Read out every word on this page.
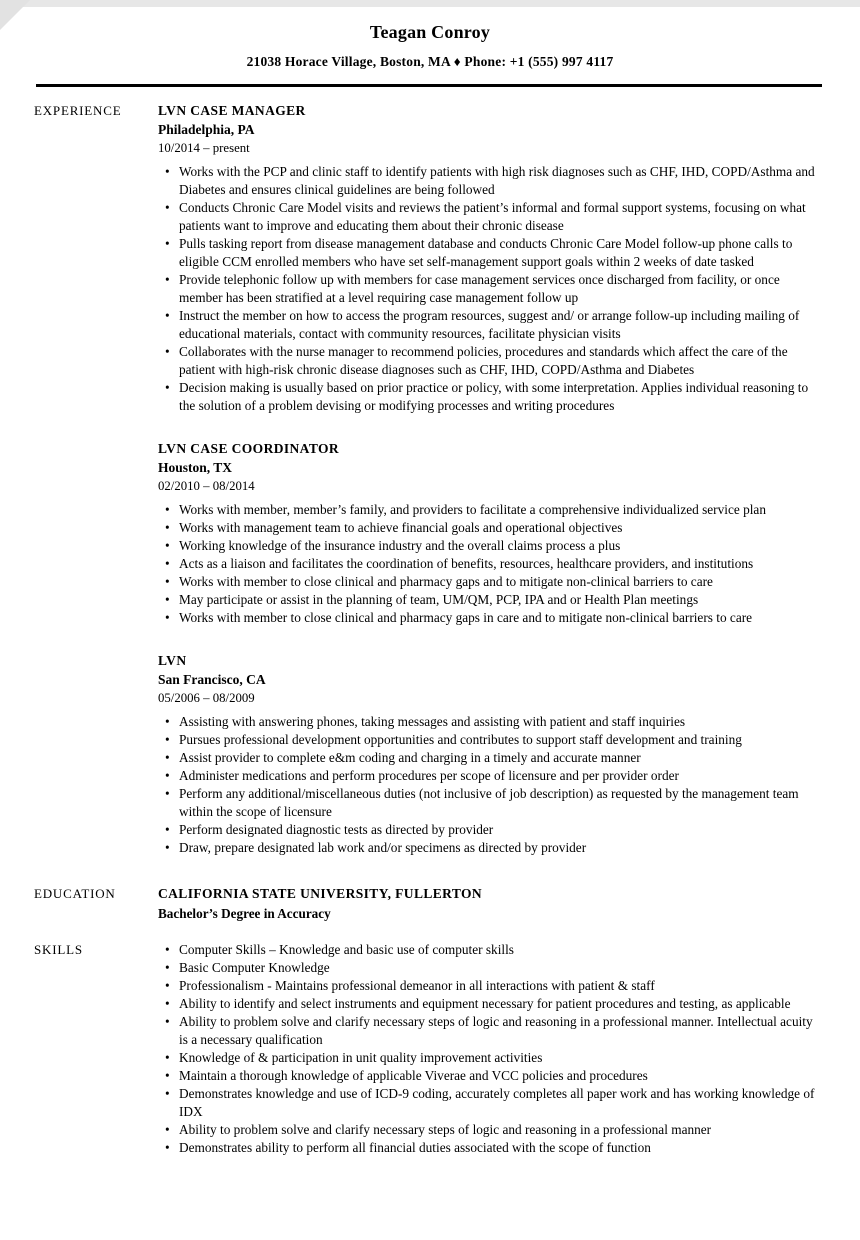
Teagan Conroy
21038 Horace Village, Boston, MA ♦ Phone: +1 (555) 997 4117
EXPERIENCE	LVN CASE MANAGER
Philadelphia, PA
10/2014 – present
• Works with the PCP and clinic staff to identify patients with high risk diagnoses such as CHF, IHD, COPD/Asthma and Diabetes and ensures clinical guidelines are being followed
• Conducts Chronic Care Model visits and reviews the patient’s informal and formal support systems, focusing on what patients want to improve and educating them about their chronic disease
• Pulls tasking report from disease management database and conducts Chronic Care Model follow-up phone calls to eligible CCM enrolled members who have set self-management support goals within 2 weeks of date tasked
• Provide telephonic follow up with members for case management services once discharged from facility, or once member has been stratified at a level requiring case management follow up
• Instruct the member on how to access the program resources, suggest and/ or arrange follow-up including mailing of educational materials, contact with community resources, facilitate physician visits
• Collaborates with the nurse manager to recommend policies, procedures and standards which affect the care of the patient with high-risk chronic disease diagnoses such as CHF, IHD, COPD/Asthma and Diabetes
• Decision making is usually based on prior practice or policy, with some interpretation. Applies individual reasoning to the solution of a problem devising or modifying processes and writing procedures
LVN CASE COORDINATOR
Houston, TX
02/2010 – 08/2014
• Works with member, member’s family, and providers to facilitate a comprehensive individualized service plan
• Works with management team to achieve financial goals and operational objectives
• Working knowledge of the insurance industry and the overall claims process a plus
• Acts as a liaison and facilitates the coordination of benefits, resources, healthcare providers, and institutions
• Works with member to close clinical and pharmacy gaps and to mitigate non-clinical barriers to care
• May participate or assist in the planning of team, UM/QM, PCP, IPA and or Health Plan meetings
• Works with member to close clinical and pharmacy gaps in care and to mitigate non-clinical barriers to care
LVN
San Francisco, CA
05/2006 – 08/2009
• Assisting with answering phones, taking messages and assisting with patient and staff inquiries
• Pursues professional development opportunities and contributes to support staff development and training
• Assist provider to complete e&m coding and charging in a timely and accurate manner
• Administer medications and perform procedures per scope of licensure and per provider order
• Perform any additional/miscellaneous duties (not inclusive of job description) as requested by the management team within the scope of licensure
• Perform designated diagnostic tests as directed by provider
• Draw, prepare designated lab work and/or specimens as directed by provider
EDUCATION	CALIFORNIA STATE UNIVERSITY, FULLERTON
Bachelor’s Degree in Accuracy
SKILLS	• Computer Skills – Knowledge and basic use of computer skills
• Basic Computer Knowledge
• Professionalism - Maintains professional demeanor in all interactions with patient & staff
• Ability to identify and select instruments and equipment necessary for patient procedures and testing, as applicable
• Ability to problem solve and clarify necessary steps of logic and reasoning in a professional manner. Intellectual acuity is a necessary qualification
• Knowledge of & participation in unit quality improvement activities
• Maintain a thorough knowledge of applicable Viverae and VCC policies and procedures
• Demonstrates knowledge and use of ICD-9 coding, accurately completes all paper work and has working knowledge of IDX
• Ability to problem solve and clarify necessary steps of logic and reasoning in a professional manner
• Demonstrates ability to perform all financial duties associated with the scope of function
